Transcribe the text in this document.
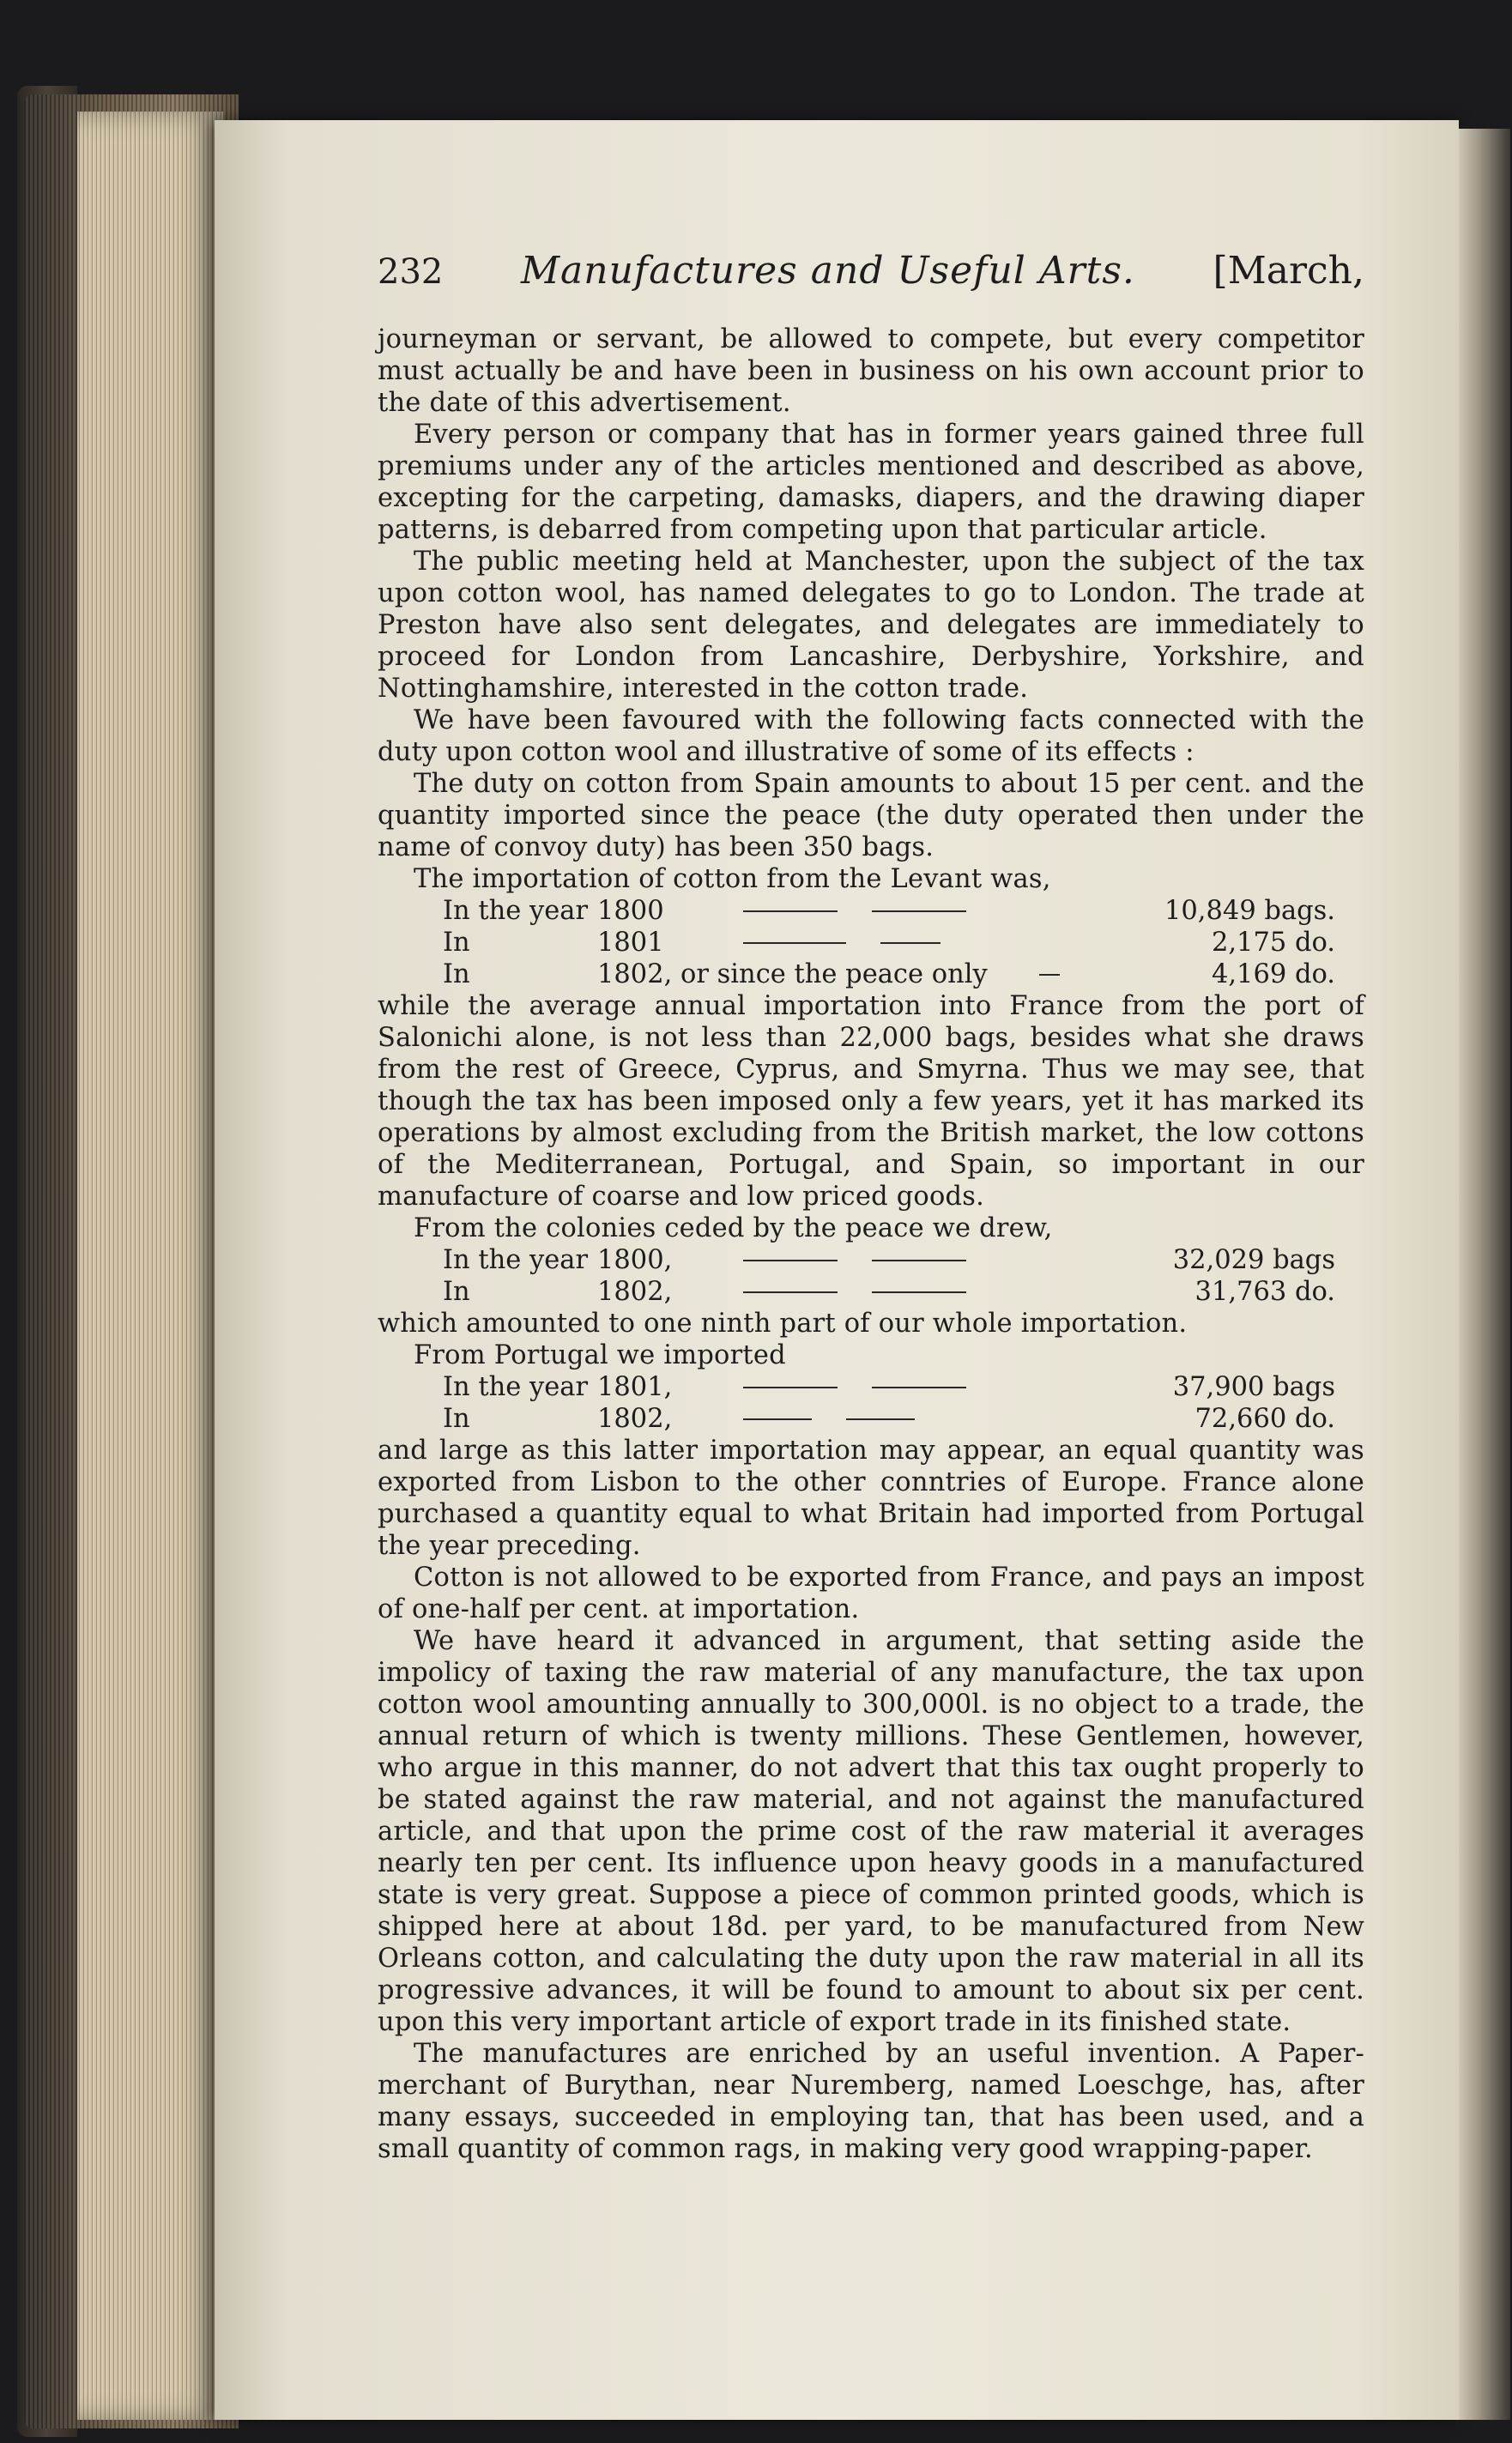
232 Manufactures and Useful Arts. [March,

journeyman or servant, be allowed to compete, but every competitor must actually be and have been in business on his own account prior to the date of this advertisement.

Every person or company that has in former years gained three full premiums under any of the articles mentioned and described as above, excepting for the carpeting, damasks, diapers, and the drawing diaper patterns, is debarred from competing upon that particular article.

The public meeting held at Manchester, upon the subject of the tax upon cotton wool, has named delegates to go to London. The trade at Preston have also sent delegates, and delegates are immediately to proceed for London from Lancashire, Derbyshire, Yorkshire, and Nottinghamshire, interested in the cotton trade.

We have been favoured with the following facts connected with the duty upon cotton wool and illustrative of some of its effects :

The duty on cotton from Spain amounts to about 15 per cent. and the quantity imported since the peace (the duty operated then under the name of convoy duty) has been 350 bags.

The importation of cotton from the Levant was,

In the year 1800	10,849 bags.
In	1801	2,175 do.
In	1802, or since the peace only	4,169 do.

while the average annual importation into France from the port of Salonichi alone, is not less than 22,000 bags, besides what she draws from the rest of Greece, Cyprus, and Smyrna. Thus we may see, that though the tax has been imposed only a few years, yet it has marked its operations by almost excluding from the British market, the low cottons of the Mediterranean, Portugal, and Spain, so important in our manufacture of coarse and low priced goods.

From the colonies ceded by the peace we drew,

In the year 1800,	32,029 bags
In	1802,	31,763 do.

which amounted to one ninth part of our whole importation.

From Portugal we imported

In the year 1801,	37,900 bags
In	1802,	72,660 do.

and large as this latter importation may appear, an equal quantity was exported from Lisbon to the other conntries of Europe. France alone purchased a quantity equal to what Britain had imported from Portugal the year preceding.

Cotton is not allowed to be exported from France, and pays an impost of one-half per cent. at importation.

We have heard it advanced in argument, that setting aside the impolicy of taxing the raw material of any manufacture, the tax upon cotton wool amounting annually to 300,000l. is no object to a trade, the annual return of which is twenty millions. These Gentlemen, however, who argue in this manner, do not advert that this tax ought properly to be stated against the raw material, and not against the manufactured article, and that upon the prime cost of the raw material it averages nearly ten per cent. Its influence upon heavy goods in a manufactured state is very great. Suppose a piece of common printed goods, which is shipped here at about 18d. per yard, to be manufactured from New Orleans cotton, and calculating the duty upon the raw material in all its progressive advances, it will be found to amount to about six per cent. upon this very important article of export trade in its finished state.

The manufactures are enriched by an useful invention. A Paper-merchant of Burythan, near Nuremberg, named Loeschge, has, after many essays, succeeded in employing tan, that has been used, and a small quantity of common rags, in making very good wrapping-paper.
